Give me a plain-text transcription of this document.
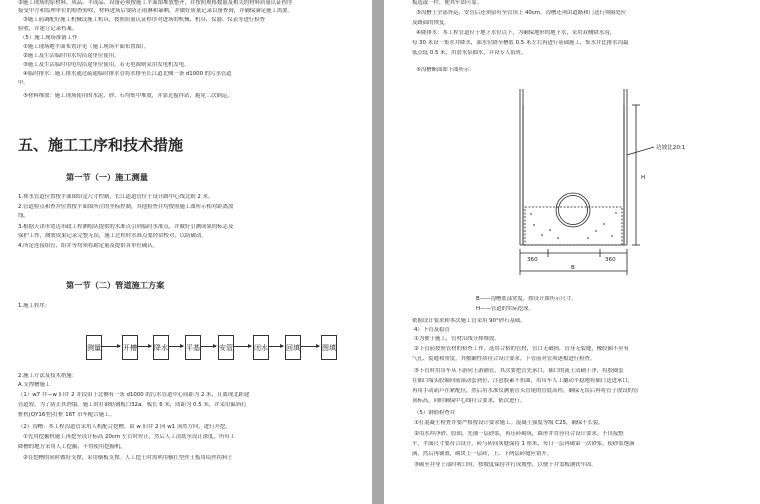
②施工现场的原材料、成品、半成品、设备必须按施工平面图堆放整齐，并按照规格数量及相关的材料质量认证程序
接受甲方和监理单位的检查验收，材料进场后要防止雨淋和暴晒，并做好质量记录以备查询，并确保满足施工需要。
③施工前调配好施工机械设施工机具，按照质量认证程序对进场的机械、机具、仪器、仪表等进行检查
验收，并建立记录档案。
（5）施工现场准备工作
①施工现场地平面布置详见（施工现场平面布置图）。
②施工及生活临时用水均沿途单位使用。
③施工及生活临时用电均沿途单位使用，若无电源则采用发电机发电。
④临时排水：施工排水通过疏通临时排水管将水排至长江道北侧一条 d1000 的污水管道
中。
⑤材料堆放：施工现场使用的水泥、砂、石均集中堆放，并靠近搅拌站，避免二次倒运。
五、施工工序和技术措施
第一节（一）施工测量
1.排水管道位置按平面图给定尺寸控制，长江道道管位于设计路中心线北则 2 米。
2.管道检点和查井位置按平面图所注的坐标控制，其他检查井均按照施工图所示相对距离放
线。
3.根据天津市宽达市政工程测绘队提供的水准点引到临时水准点，并做好引测成果的标志及
保护工作，测放成果记录完整无误，施工过程时水准点要经常校对，以防破动。
4.所定连接组管、组井等均须将勘定量及提供各单位确认。
第一节（二）管道施工方案
1.施工程序：
测量	开槽 降水	平基	安管	闭水	回填	图填
2.施工方法及技术措施：
A.支撑槽施工
（1）w7 井—w 旧井 2 井段由于北侧有一条 d1000 的污水管道中心间距为 2 米，且离现北距建
管道较，为了防止其坍塌，施工时打钢筋钢板口32a。板长 6 米，间距为 0.5 米，并采用偏斜打
桩机(QY16型)打桩 16T 吊车配合施工。
（2）沟槽：本工程沟道管采用人机配合挖槽。由 w 旧井 2 向 w1 顶然方向，进行开挖。
①先用挖掘机施工再挖至设计标高 20cm 左右时停止，然后人工清底至设计深度，所有工
降槽的地方采用人工挖掘，不得使用挖掘机。
②在挖槽的同时做好支撑，采用横板支撑。人工挖土时需利用横扛型丝土板用铅丝拐料土
板选或一件，便其牢固可靠。
③沟槽土全部外运，安管后还须留有至管顶上 40cm。沟槽还须由道路和门送行须隔处应
及路面的恢复。
④降排水：本工程管道位于地下水位以下，为确保地形的地下水，采用双侧降水沟，
每 30 米设一集水井降水，油水位降至槽底 0.5 米左右再进行基础施工，集水井比排水沟最
低点低 0.5 米，用潜水泵抽水，并设专人值班。
⑤沟槽断面如下图所示：
边坡比20:1
H
360	360
B
B——沟槽底部宽度，按设计图所示尺寸。
H——管道的实际挖深。
依据设计要求和本次施工管采用 90°砂石基础。
4）下管及稳管
①为便于施工，管材沿线分排堆放。
②下管前按照管材的检查工作，选用合格的管材，管口无破损，管身无裂缝，橡胶圈不应有
气孔、裂缝和重皮，其敷确性质符合设计要求，下管前对管须逐根进行检查。
③下管时用吊车从下游向上游铺管，其次要把管先承口，插口的流土清刷干净，将胶圈套
在插口端头胶圈向前滚动套到位，注意胶素不扭曲，用吊车人工撬动平稳地将插口送进承口，
再用手动葫芦在紧配位，然后用水准仪测量管头管尾的管底高程，确保无误后再将管子放设的管
顶标高，同时确保中心线符合要求，依次进行。
（5）钢筋检查井
①打混凝土检查井要严格按设计要求施工。混凝土强度等级 C25，确保不长裂。
②用水冲净砂、胶面，先铺一层砂浆，再压砖砌筑，圆形井直径符合设计要求，不仅接整
平，平面尺寸要符合设计，砖与砖间灰缝保持 1 厘米，每日一层再砌第一次砂浆，使砂浆饱满
满，然后再铺放，砌块上一层砖，上、下两层砖缝应错开。
③砌至井身上部时收口时，按坡度保持井打成坡垫，以便于井盖板钢铁牢固。
